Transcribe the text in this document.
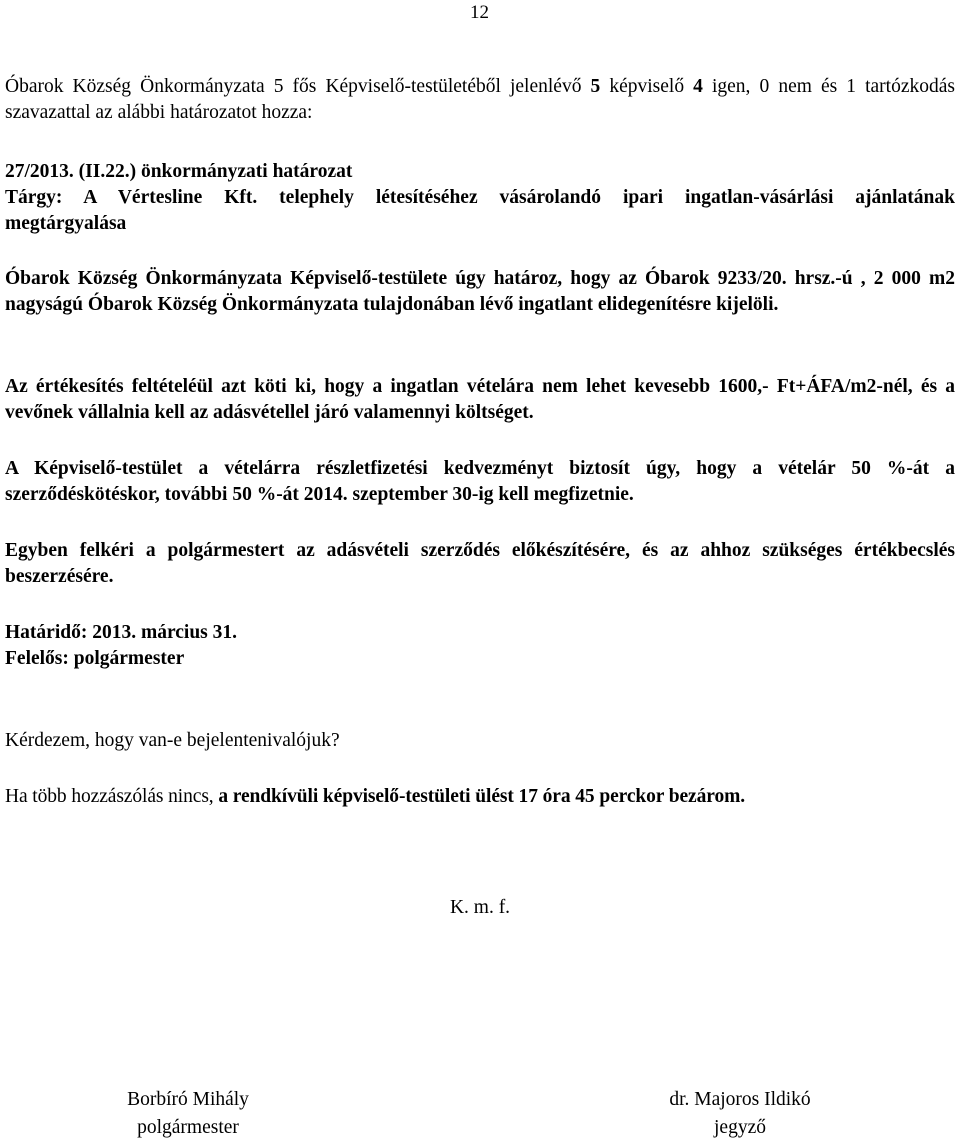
12

Óbarok Község Önkormányzata 5 fős Képviselő-testületéből jelenlévő 5 képviselő 4 igen, 0 nem és 1 tartózkodás szavazattal az alábbi határozatot hozza:

27/2013. (II.22.) önkormányzati határozat

Tárgy: A Vértesline Kft. telephely létesítéséhez vásárolandó ipari ingatlan-vásárlási ajánlatának megtárgyalása

Óbarok Község Önkormányzata Képviselő-testülete úgy határoz, hogy az Óbarok 9233/20. hrsz.-ú , 2 000 m2 nagyságú Óbarok Község Önkormányzata tulajdonában lévő ingatlant elidegenítésre kijelöli.

Az értékesítés feltételéül azt köti ki, hogy a ingatlan vételára nem lehet kevesebb 1600,- Ft+ÁFA/m2-nél, és a vevőnek vállalnia kell az adásvétellel járó valamennyi költséget.

A Képviselő-testület a vételárra részletfizetési kedvezményt biztosít úgy, hogy a vételár 50 %-át a szerződéskötéskor, további 50 %-át 2014. szeptember 30-ig kell megfizetnie.

Egyben felkéri a polgármestert az adásvételi szerződés előkészítésére, és az ahhoz szükséges értékbecslés beszerzésére.

Határidő: 2013. március 31.
Felelős: polgármester
Kérdezem, hogy van-e bejelentenivalójuk?
Ha több hozzászólás nincs, a rendkívüli képviselő-testületi ülést 17 óra 45 perckor bezárom.
K. m. f.
Borbíró Mihály
polgármester
dr. Majoros Ildikó
jegyző
